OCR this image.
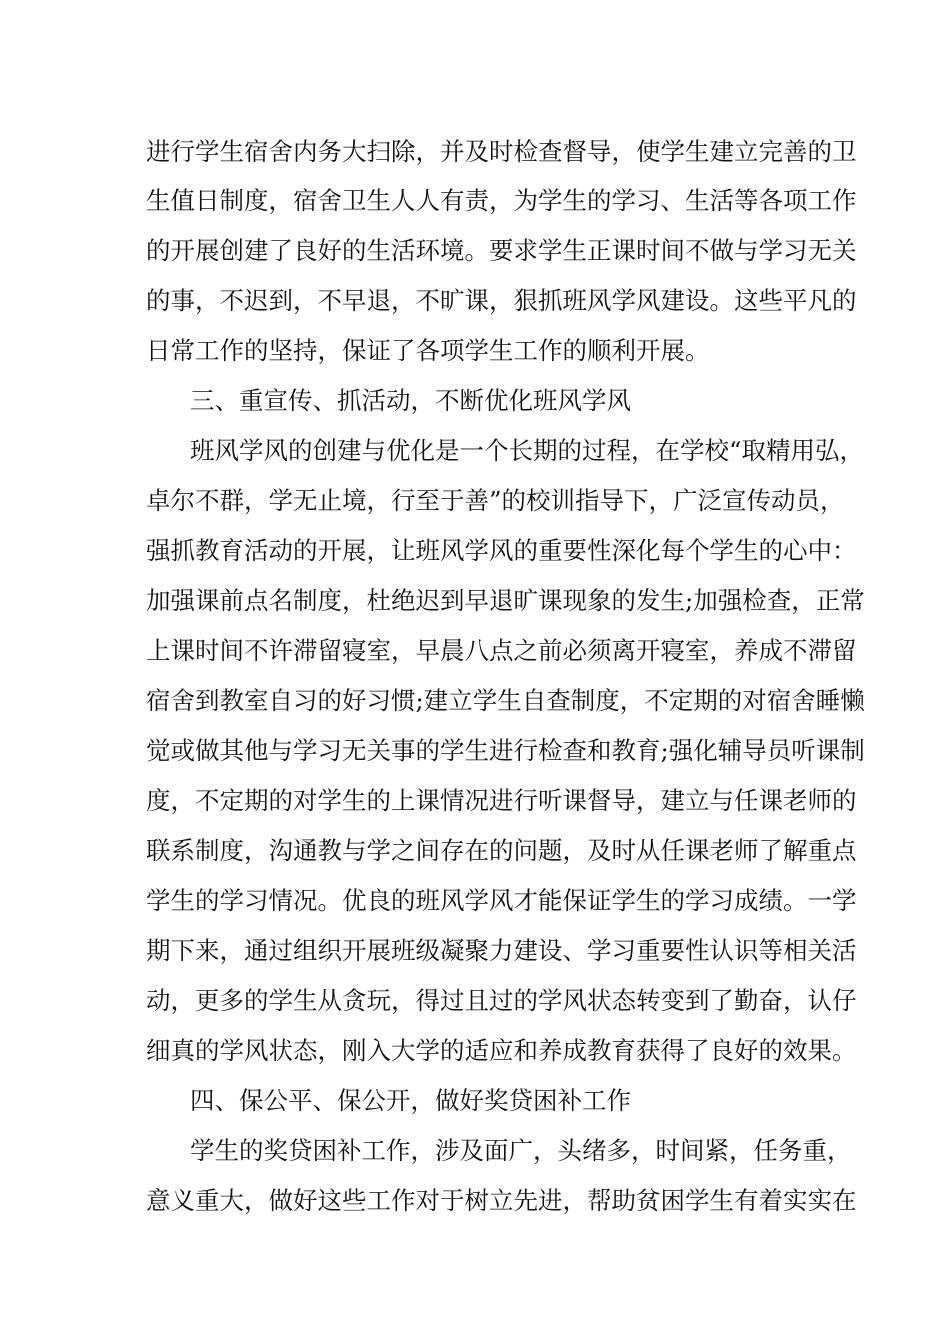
进行学生宿舍内务大扫除，并及时检查督导，使学生建立完善的卫
生值日制度，宿舍卫生人人有责，为学生的学习、生活等各项工作
的开展创建了良好的生活环境。要求学生正课时间不做与学习无关
的事，不迟到，不早退，不旷课，狠抓班风学风建设。这些平凡的
日常工作的坚持，保证了各项学生工作的顺利开展。
三、重宣传、抓活动，不断优化班风学风
班风学风的创建与优化是一个长期的过程，在学校“取精用弘，
卓尔不群，学无止境，行至于善”的校训指导下，广泛宣传动员，
强抓教育活动的开展，让班风学风的重要性深化每个学生的心中：
加强课前点名制度，杜绝迟到早退旷课现象的发生;加强检查，正常
上课时间不许滞留寝室，早晨八点之前必须离开寝室，养成不滞留
宿舍到教室自习的好习惯;建立学生自查制度，不定期的对宿舍睡懒
觉或做其他与学习无关事的学生进行检查和教育;强化辅导员听课制
度，不定期的对学生的上课情况进行听课督导，建立与任课老师的
联系制度，沟通教与学之间存在的问题，及时从任课老师了解重点
学生的学习情况。优良的班风学风才能保证学生的学习成绩。一学
期下来，通过组织开展班级凝聚力建设、学习重要性认识等相关活
动，更多的学生从贪玩，得过且过的学风状态转变到了勤奋，认仔
细真的学风状态，刚入大学的适应和养成教育获得了良好的效果。
四、保公平、保公开，做好奖贷困补工作
学生的奖贷困补工作，涉及面广，头绪多，时间紧，任务重，
意义重大，做好这些工作对于树立先进，帮助贫困学生有着实实在
